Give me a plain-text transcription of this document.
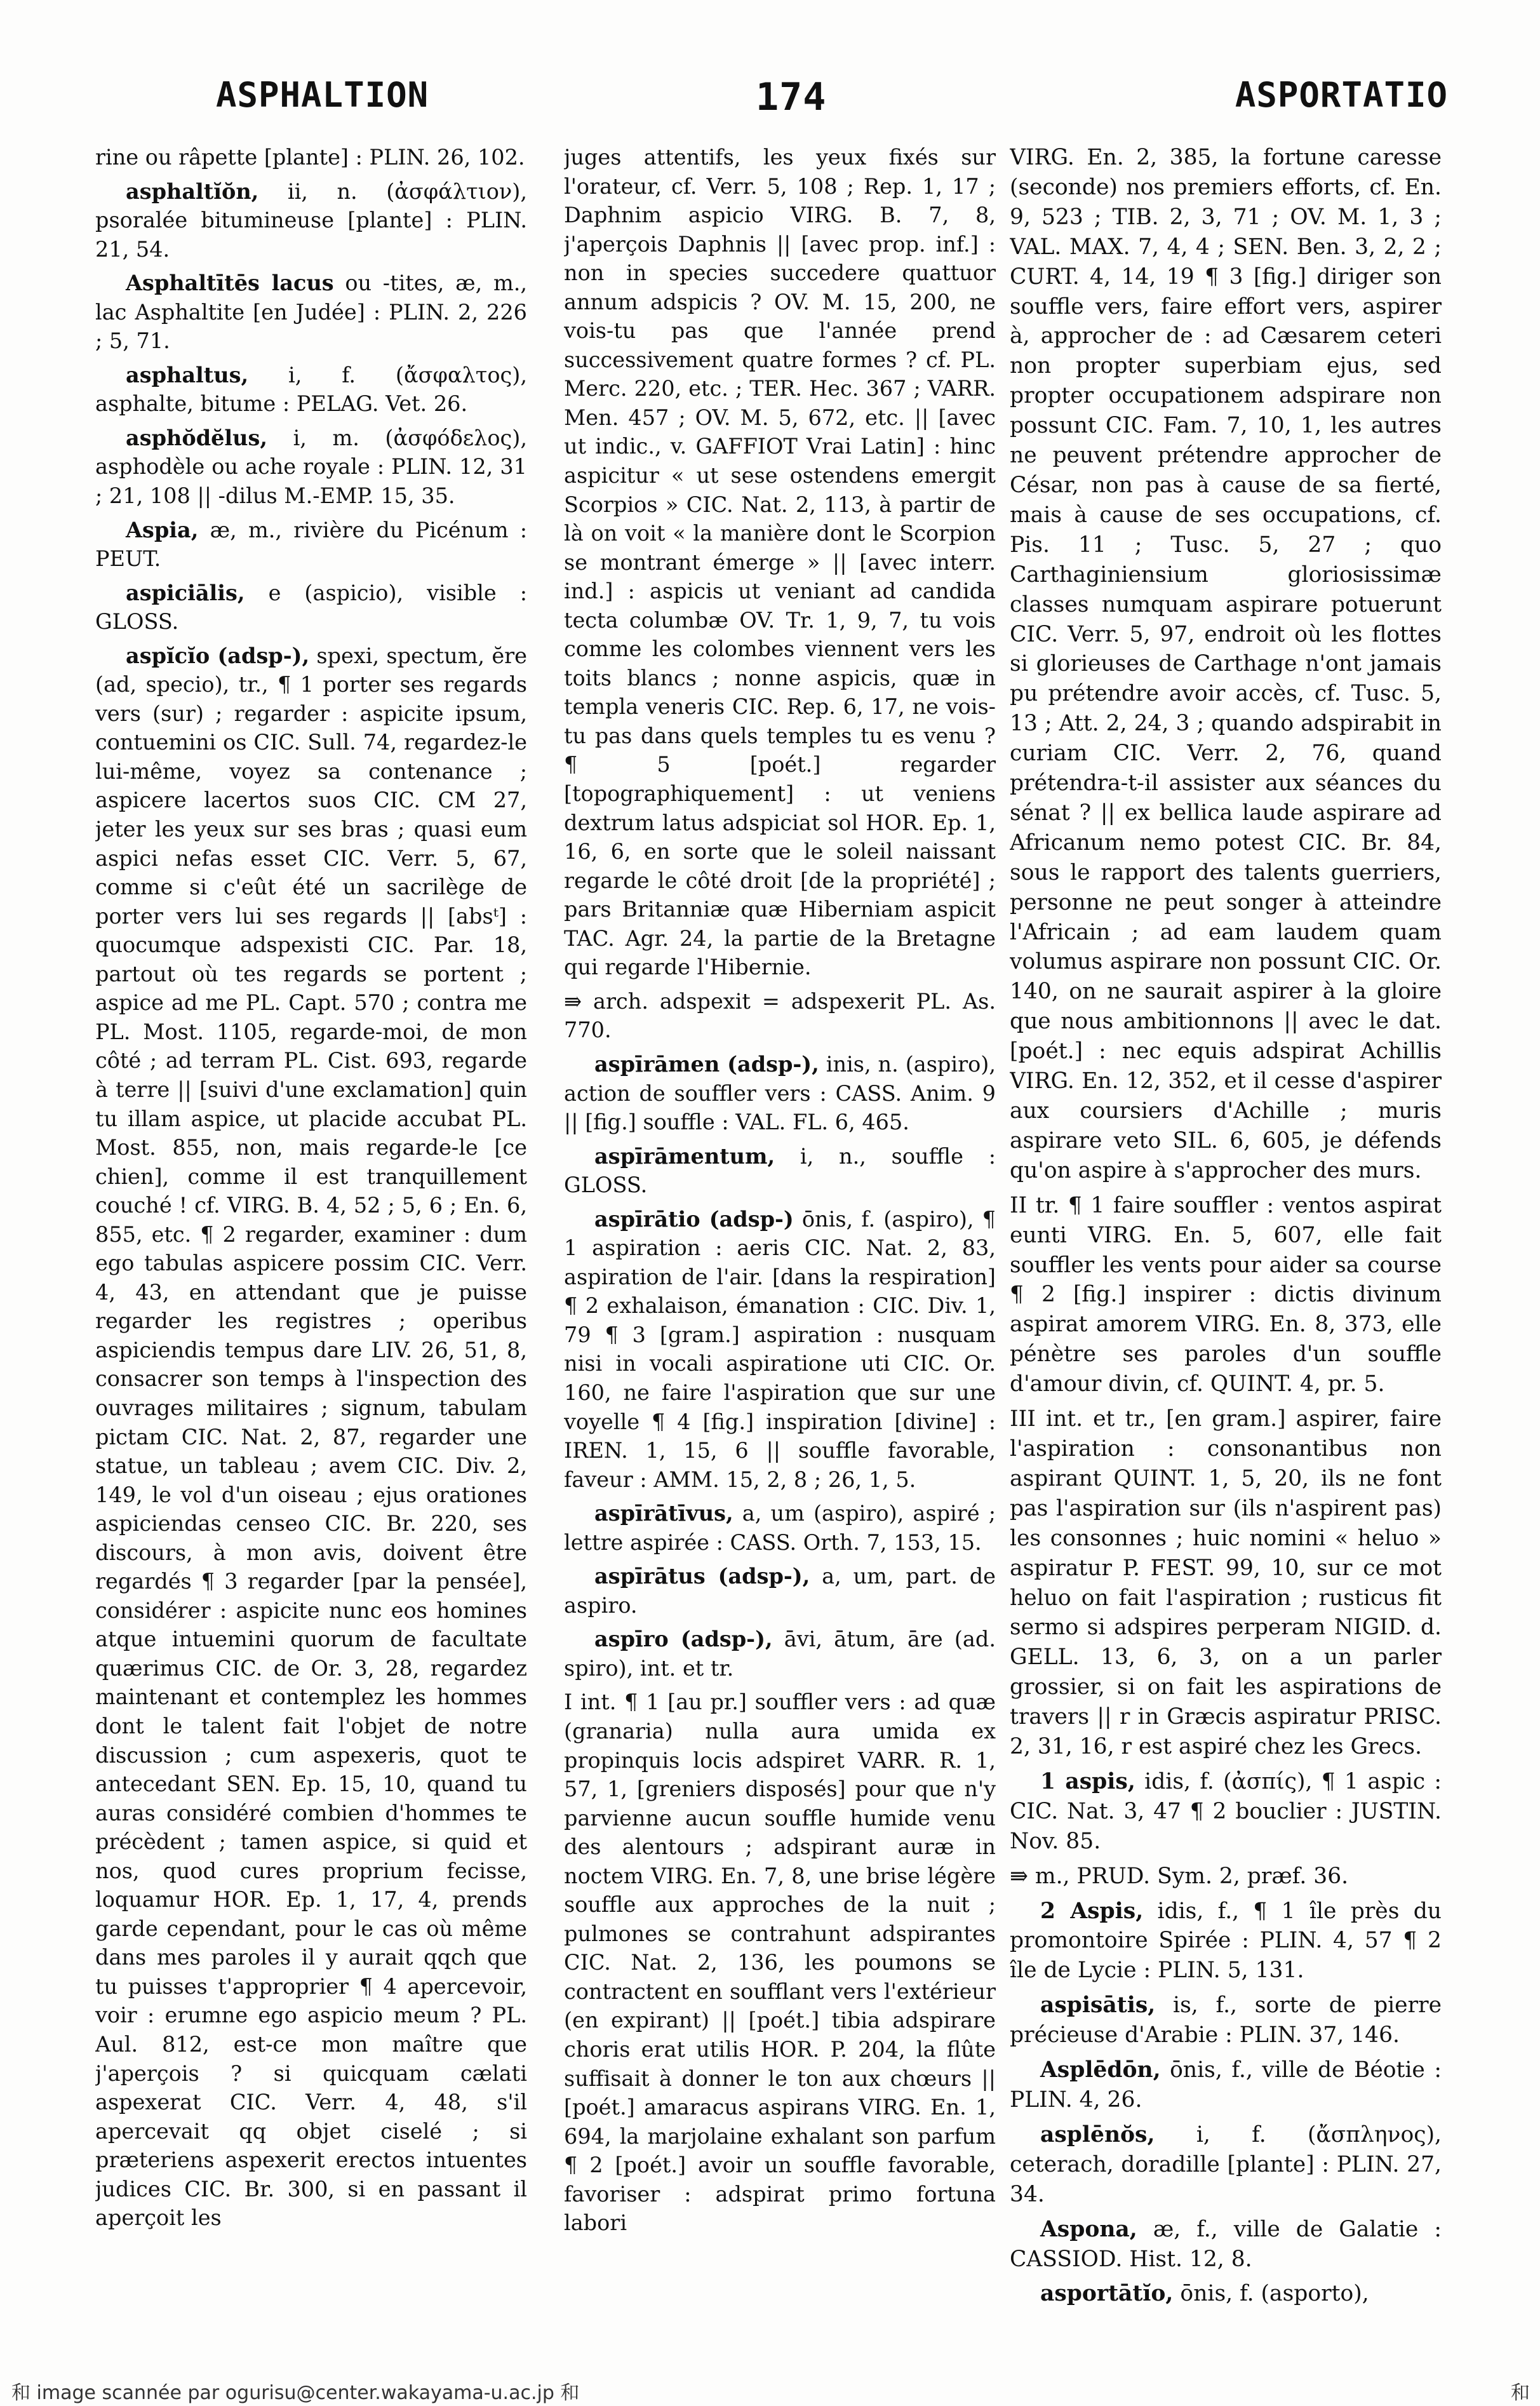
ASPHALTION	174	ASPORTATIO

rine ou râpette [plante] : PLIN. 26, 102.

asphaltĭŏn, ii, n. (ἀσφάλτιον), psoralée bitumineuse [plante] : PLIN. 21, 54.

Asphaltītēs lacus ou -tites, æ, m., lac Asphaltite [en Judée] : PLIN. 2, 226 ; 5, 71.

asphaltus, i, f. (ἄσφαλτος), asphalte, bitume : PELAG. Vet. 26.

asphŏdĕlus, i, m. (ἀσφόδελος), asphodèle ou ache royale : PLIN. 12, 31 ; 21, 108 || -dilus M.-EMP. 15, 35.

Aspia, æ, m., rivière du Picénum : PEUT.

aspiciālis, e (aspicio), visible : GLOSS.

aspĭcĭo (adsp-), spexi, spectum, ĕre (ad, specio), tr., ¶ 1 porter ses regards vers (sur) ; regarder : aspicite ipsum, contuemini os CIC. Sull. 74, regardez-le lui-même, voyez sa contenance ; aspicere lacertos suos CIC. CM 27, jeter les yeux sur ses bras ; quasi eum aspici nefas esset CIC. Verr. 5, 67, comme si c'eût été un sacrilège de porter vers lui ses regards || [absᵗ] : quocumque adspexisti CIC. Par. 18, partout où tes regards se portent ; aspice ad me PL. Capt. 570 ; contra me PL. Most. 1105, regarde-moi, de mon côté ; ad terram PL. Cist. 693, regarde à terre || [suivi d'une exclamation] quin tu illam aspice, ut placide accubat PL. Most. 855, non, mais regarde-le [ce chien], comme il est tranquillement couché ! cf. VIRG. B. 4, 52 ; 5, 6 ; En. 6, 855, etc. ¶ 2 regarder, examiner : dum ego tabulas aspicere possim CIC. Verr. 4, 43, en attendant que je puisse regarder les registres ; operibus aspiciendis tempus dare LIV. 26, 51, 8, consacrer son temps à l'inspection des ouvrages militaires ; signum, tabulam pictam CIC. Nat. 2, 87, regarder une statue, un tableau ; avem CIC. Div. 2, 149, le vol d'un oiseau ; ejus orationes aspiciendas censeo CIC. Br. 220, ses discours, à mon avis, doivent être regardés ¶ 3 regarder [par la pensée], considérer : aspicite nunc eos homines atque intuemini quorum de facultate quærimus CIC. de Or. 3, 28, regardez maintenant et contemplez les hommes dont le talent fait l'objet de notre discussion ; cum aspexeris, quot te antecedant SEN. Ep. 15, 10, quand tu auras considéré combien d'hommes te précèdent ; tamen aspice, si quid et nos, quod cures proprium fecisse, loquamur HOR. Ep. 1, 17, 4, prends garde cependant, pour le cas où même dans mes paroles il y aurait qqch que tu puisses t'approprier ¶ 4 apercevoir, voir : erumne ego aspicio meum ? PL. Aul. 812, est-ce mon maître que j'aperçois ? si quicquam cælati aspexerat CIC. Verr. 4, 48, s'il apercevait qq objet ciselé ; si præteriens aspexerit erectos intuentes judices CIC. Br. 300, si en passant il aperçoit les

juges attentifs, les yeux fixés sur l'orateur, cf. Verr. 5, 108 ; Rep. 1, 17 ; Daphnim aspicio VIRG. B. 7, 8, j'aperçois Daphnis || [avec prop. inf.] : non in species succedere quattuor annum adspicis ? OV. M. 15, 200, ne vois-tu pas que l'année prend successivement quatre formes ? cf. PL. Merc. 220, etc. ; TER. Hec. 367 ; VARR. Men. 457 ; OV. M. 5, 672, etc. || [avec ut indic., v. GAFFIOT Vrai Latin] : hinc aspicitur « ut sese ostendens emergit Scorpios » CIC. Nat. 2, 113, à partir de là on voit « la manière dont le Scorpion se montrant émerge » || [avec interr. ind.] : aspicis ut veniant ad candida tecta columbæ OV. Tr. 1, 9, 7, tu vois comme les colombes viennent vers les toits blancs ; nonne aspicis, quæ in templa veneris CIC. Rep. 6, 17, ne vois-tu pas dans quels temples tu es venu ? ¶ 5 [poét.] regarder [topographiquement] : ut veniens dextrum latus adspiciat sol HOR. Ep. 1, 16, 6, en sorte que le soleil naissant regarde le côté droit [de la propriété] ; pars Britanniæ quæ Hiberniam aspicit TAC. Agr. 24, la partie de la Bretagne qui regarde l'Hibernie.

⇛ arch. adspexit = adspexerit PL. As. 770.

aspīrāmen (adsp-), inis, n. (aspiro), action de souffler vers : CASS. Anim. 9 || [fig.] souffle : VAL. FL. 6, 465.

aspīrāmentum, i, n., souffle : GLOSS.

aspīrātio (adsp-) ōnis, f. (aspiro), ¶ 1 aspiration : aeris CIC. Nat. 2, 83, aspiration de l'air. [dans la respiration] ¶ 2 exhalaison, émanation : CIC. Div. 1, 79 ¶ 3 [gram.] aspiration : nusquam nisi in vocali aspiratione uti CIC. Or. 160, ne faire l'aspiration que sur une voyelle ¶ 4 [fig.] inspiration [divine] : IREN. 1, 15, 6 || souffle favorable, faveur : AMM. 15, 2, 8 ; 26, 1, 5.

aspīrātīvus, a, um (aspiro), aspiré ; lettre aspirée : CASS. Orth. 7, 153, 15.

aspīrātus (adsp-), a, um, part. de aspiro.

aspīro (adsp-), āvi, ātum, āre (ad. spiro), int. et tr.

I int. ¶ 1 [au pr.] souffler vers : ad quæ (granaria) nulla aura umida ex propinquis locis adspiret VARR. R. 1, 57, 1, [greniers disposés] pour que n'y parvienne aucun souffle humide venu des alentours ; adspirant auræ in noctem VIRG. En. 7, 8, une brise légère souffle aux approches de la nuit ; pulmones se contrahunt adspirantes CIC. Nat. 2, 136, les poumons se contractent en soufflant vers l'extérieur (en expirant) || [poét.] tibia adspirare choris erat utilis HOR. P. 204, la flûte suffisait à donner le ton aux chœurs || [poét.] amaracus aspirans VIRG. En. 1, 694, la marjolaine exhalant son parfum ¶ 2 [poét.] avoir un souffle favorable, favoriser : adspirat primo fortuna labori

VIRG. En. 2, 385, la fortune caresse (seconde) nos premiers efforts, cf. En. 9, 523 ; TIB. 2, 3, 71 ; OV. M. 1, 3 ; VAL. MAX. 7, 4, 4 ; SEN. Ben. 3, 2, 2 ; CURT. 4, 14, 19 ¶ 3 [fig.] diriger son souffle vers, faire effort vers, aspirer à, approcher de : ad Cæsarem ceteri non propter superbiam ejus, sed propter occupationem adspirare non possunt CIC. Fam. 7, 10, 1, les autres ne peuvent prétendre approcher de César, non pas à cause de sa fierté, mais à cause de ses occupations, cf. Pis. 11 ; Tusc. 5, 27 ; quo Carthaginiensium gloriosissimæ classes numquam aspirare potuerunt CIC. Verr. 5, 97, endroit où les flottes si glorieuses de Carthage n'ont jamais pu prétendre avoir accès, cf. Tusc. 5, 13 ; Att. 2, 24, 3 ; quando adspirabit in curiam CIC. Verr. 2, 76, quand prétendra-t-il assister aux séances du sénat ? || ex bellica laude aspirare ad Africanum nemo potest CIC. Br. 84, sous le rapport des talents guerriers, personne ne peut songer à atteindre l'Africain ; ad eam laudem quam volumus aspirare non possunt CIC. Or. 140, on ne saurait aspirer à la gloire que nous ambitionnons || avec le dat. [poét.] : nec equis adspirat Achillis VIRG. En. 12, 352, et il cesse d'aspirer aux coursiers d'Achille ; muris aspirare veto SIL. 6, 605, je défends qu'on aspire à s'approcher des murs.

II tr. ¶ 1 faire souffler : ventos aspirat eunti VIRG. En. 5, 607, elle fait souffler les vents pour aider sa course ¶ 2 [fig.] inspirer : dictis divinum aspirat amorem VIRG. En. 8, 373, elle pénètre ses paroles d'un souffle d'amour divin, cf. QUINT. 4, pr. 5.

III int. et tr., [en gram.] aspirer, faire l'aspiration : consonantibus non aspirant QUINT. 1, 5, 20, ils ne font pas l'aspiration sur (ils n'aspirent pas) les consonnes ; huic nomini « heluo » aspiratur P. FEST. 99, 10, sur ce mot heluo on fait l'aspiration ; rusticus fit sermo si adspires perperam NIGID. d. GELL. 13, 6, 3, on a un parler grossier, si on fait les aspirations de travers || r in Græcis aspiratur PRISC. 2, 31, 16, r est aspiré chez les Grecs.

1 aspis, idis, f. (ἀσπίς), ¶ 1 aspic : CIC. Nat. 3, 47 ¶ 2 bouclier : JUSTIN. Nov. 85.

⇛ m., PRUD. Sym. 2, præf. 36.

2 Aspis, idis, f., ¶ 1 île près du promontoire Spirée : PLIN. 4, 57 ¶ 2 île de Lycie : PLIN. 5, 131.

aspisātis, is, f., sorte de pierre précieuse d'Arabie : PLIN. 37, 146.

Asplēdōn, ōnis, f., ville de Béotie : PLIN. 4, 26.

asplēnŏs, i, f. (ἄσπληνος), ceterach, doradille [plante] : PLIN. 27, 34.

Aspona, æ, f., ville de Galatie : CASSIOD. Hist. 12, 8.

asportātĭo, ōnis, f. (asporto),

和 image scannée par ogurisu@center.wakayama-u.ac.jp 和	和
